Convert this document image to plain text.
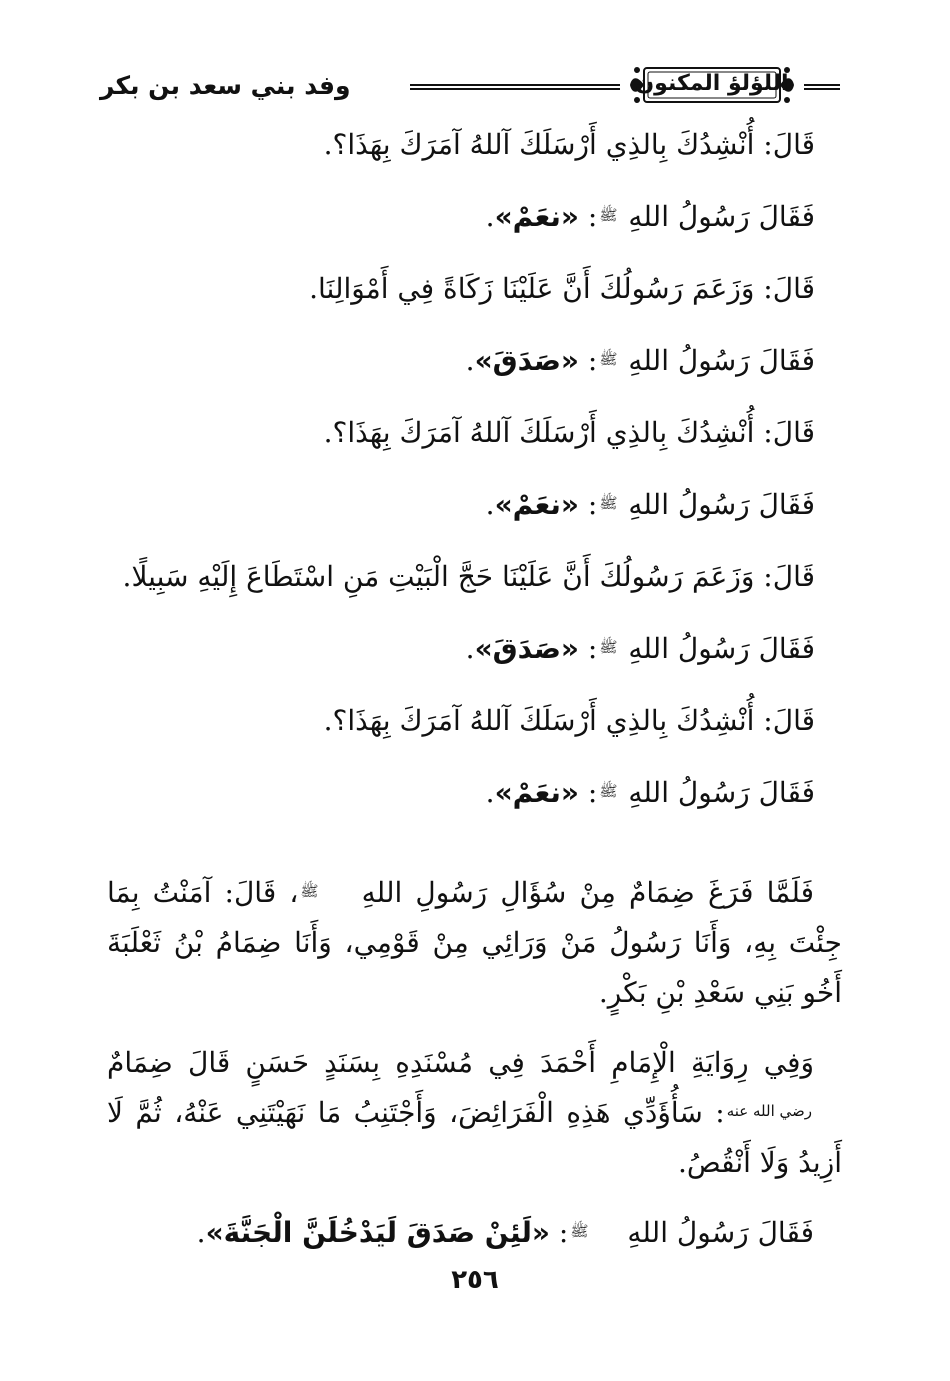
اللؤلؤ المكنون
وفد بني سعد بن بكر
قَالَ: أُنْشِدُكَ بِالذِي أَرْسَلَكَ آللهُ آمَرَكَ بِهَذَا؟.
فَقَالَ رَسُولُ اللهِ ﷺ: «نعَمْ».
قَالَ: وَزَعَمَ رَسُولُكَ أَنَّ عَلَيْنَا زَكَاةً فِي أَمْوَالِنَا.
فَقَالَ رَسُولُ اللهِ ﷺ: «صَدَقَ».
قَالَ: أُنْشِدُكَ بِالذِي أَرْسَلَكَ آللهُ آمَرَكَ بِهَذَا؟.
فَقَالَ رَسُولُ اللهِ ﷺ: «نعَمْ».
قَالَ: وَزَعَمَ رَسُولُكَ أَنَّ عَلَيْنَا حَجَّ الْبَيْتِ مَنِ اسْتَطَاعَ إِلَيْهِ سَبِيلًا.
فَقَالَ رَسُولُ اللهِ ﷺ: «صَدَقَ».
قَالَ: أُنْشِدُكَ بِالذِي أَرْسَلَكَ آللهُ آمَرَكَ بِهَذَا؟.
فَقَالَ رَسُولُ اللهِ ﷺ: «نعَمْ».

فَلَمَّا فَرَغَ ضِمَامٌ مِنْ سُؤَالِ رَسُولِ اللهِ ﷺ، قَالَ: آمَنْتُ بِمَا جِئْتَ بِهِ، وَأَنَا رَسُولُ مَنْ وَرَائِي مِنْ قَوْمِي، وَأَنَا ضِمَامُ بْنُ ثَعْلَبَةَ أَخُو بَنِي سَعْدِ بْنِ بَكْرٍ.

وَفِي رِوَايَةِ الْإِمَامِ أَحْمَدَ فِي مُسْنَدِهِ بِسَنَدٍ حَسَنٍ قَالَ ضِمَامٌ رضي الله عنه: سَأُؤَدِّي هَذِهِ الْفَرَائِضَ، وَأَجْتَنِبُ مَا نَهَيْتَنِي عَنْهُ، ثُمَّ لَا أَزِيدُ وَلَا أَنْقُصُ.

فَقَالَ رَسُولُ اللهِ ﷺ: «لَئِنْ صَدَقَ لَيَدْخُلَنَّ الْجَنَّةَ».

٢٥٦
